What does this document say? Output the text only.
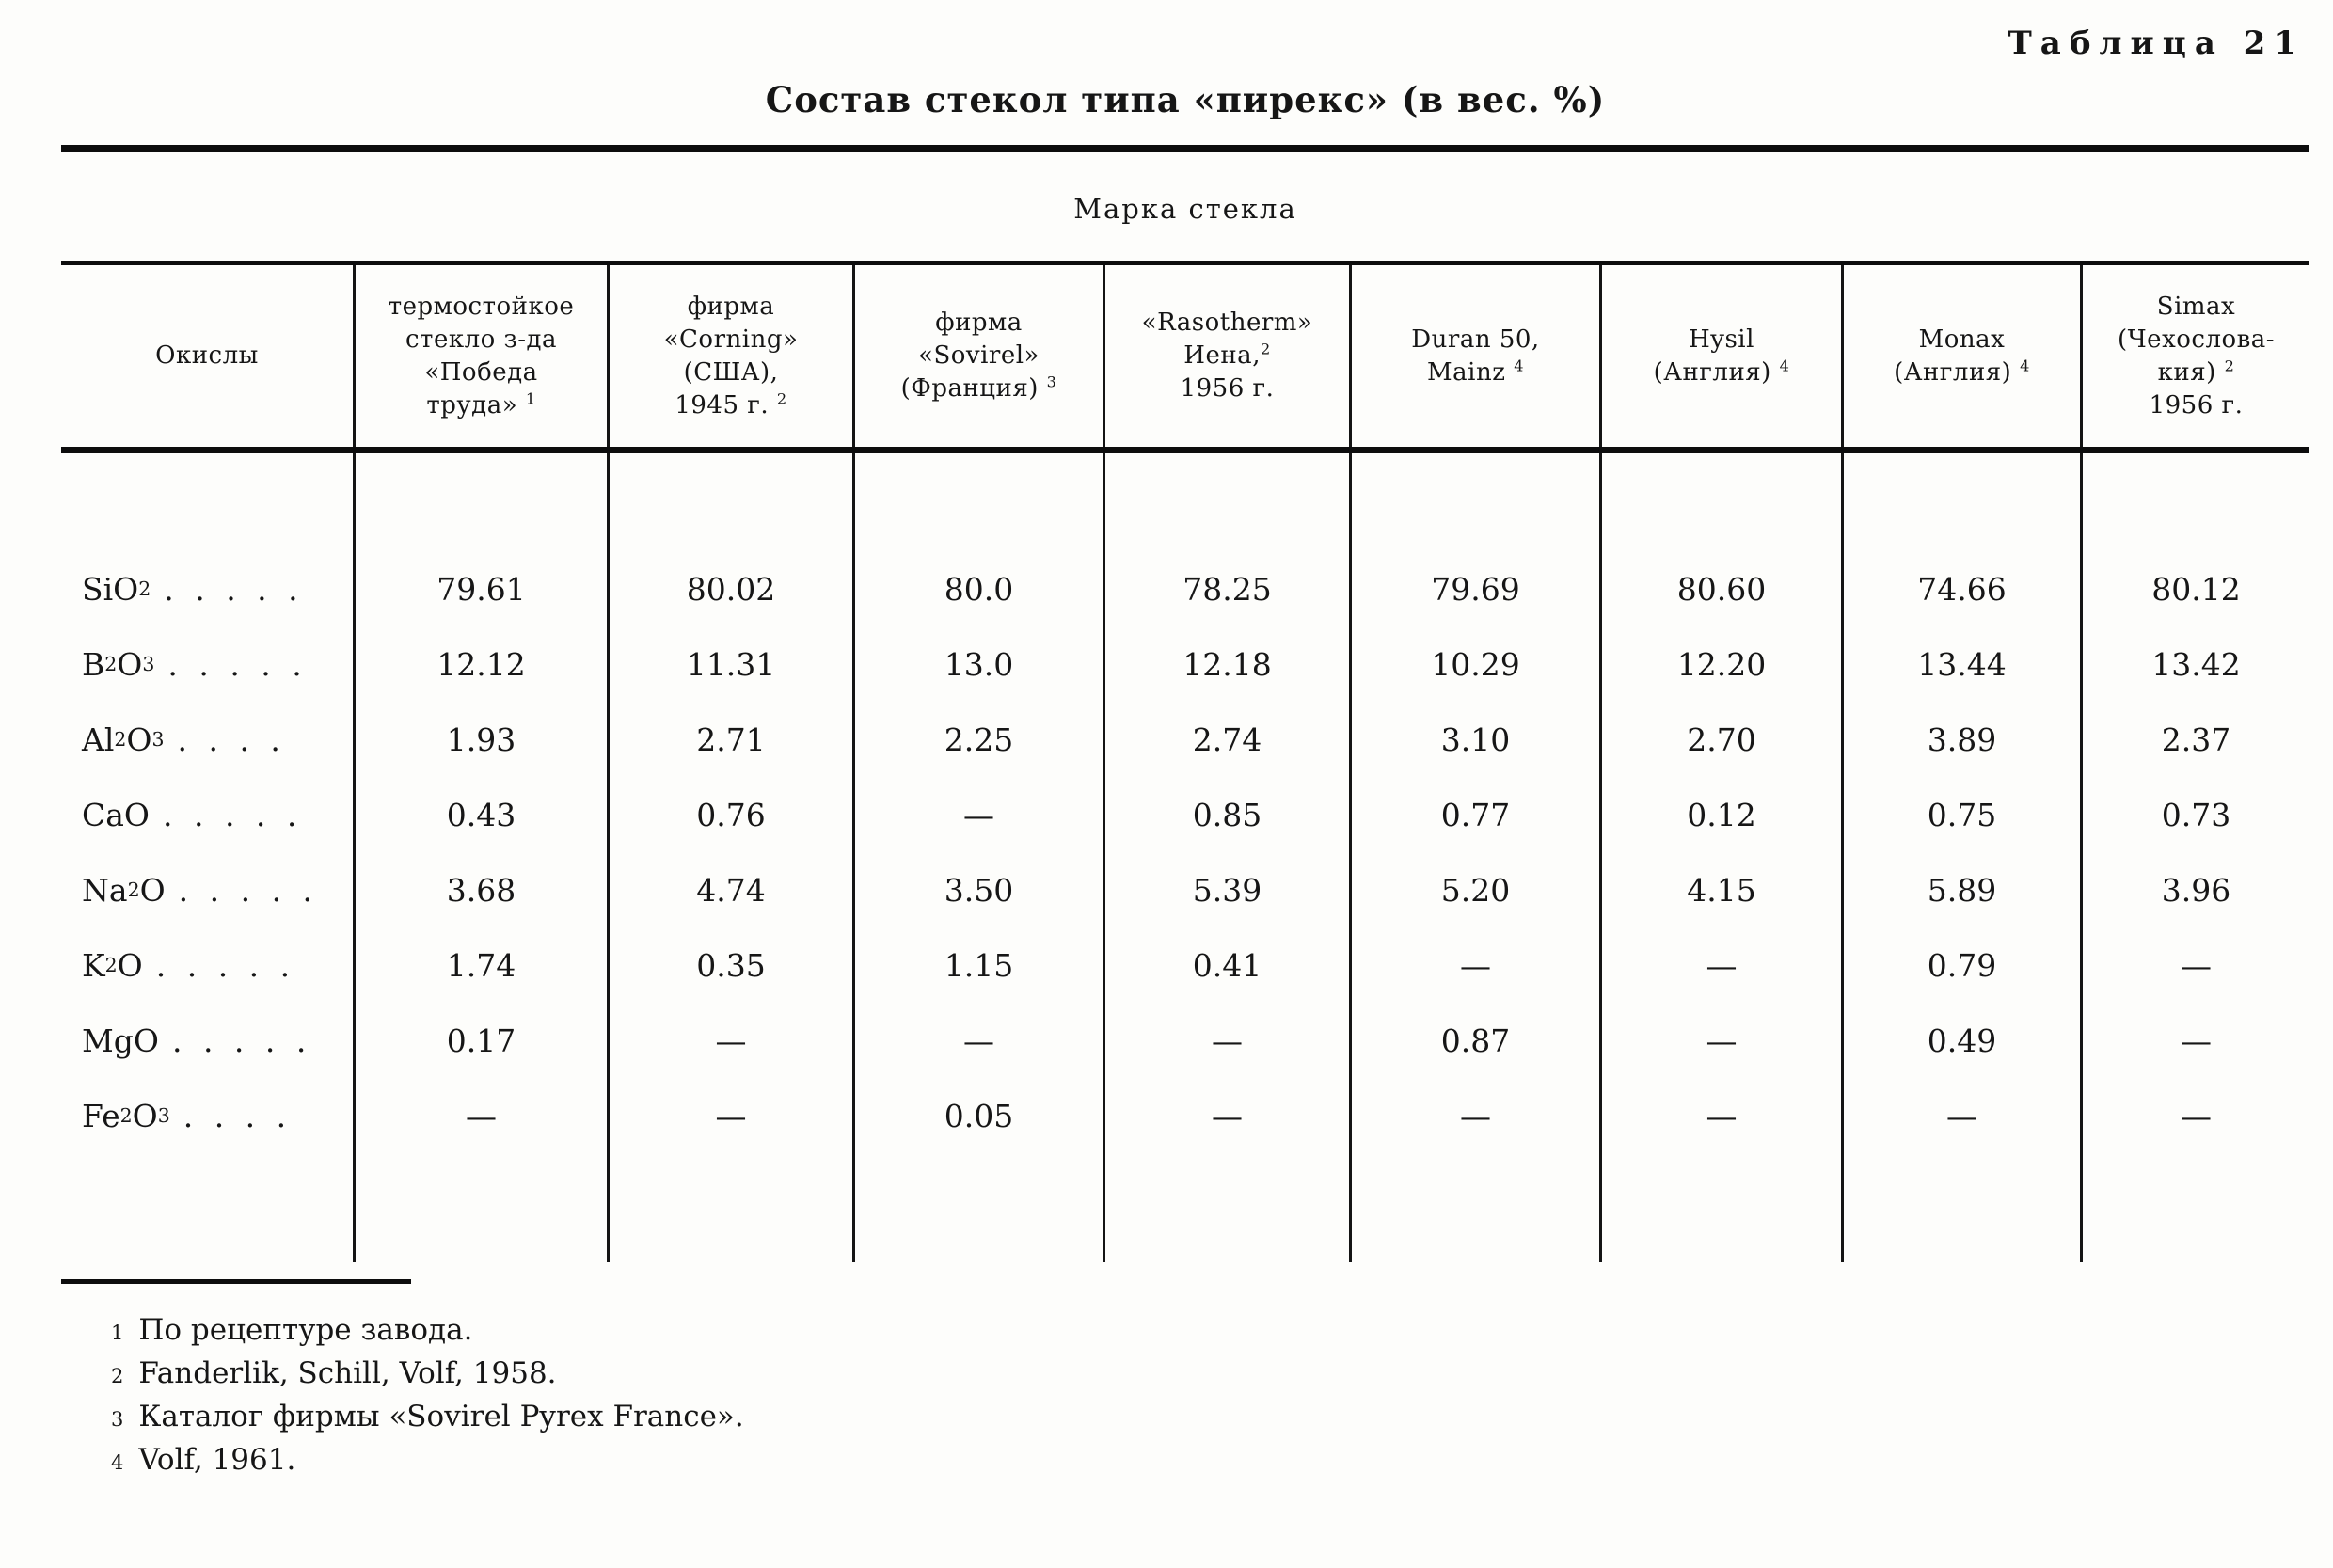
Таблица 21
Состав стекол типа «пирекс» (в вес. %)
Марка стекла
Окислы
термостойкое
стекло з-да
«Победа
труда» $^1$
фирма
«Corning»
(США),
1945 г. $^2$
фирма
«Sovirel»
(Франция) $^3$
«Rasotherm»
Иена,$^2$
1956 г.
Duran 50,
Mainz $^4$
Hysil
(Англия) $^4$
Monax
(Англия) $^4$
Simax
(Чехослова-
кия) $^2$
1956 г.
SiO 2 . . . . .
B 2 O 3 . . . . .
Al 2 O 3 . . . .
CaO . . . . .
Na 2 O . . . . .
K 2 O . . . . .
MgO . . . . .
Fe 2 O 3 . . . .
79.61
12.12
1.93
0.43
3.68
1.74
0.17
—
80.02
11.31
2.71
0.76
4.74
0.35
—
—
80.0
13.0
2.25
—
3.50
1.15
—
0.05
78.25
12.18
2.74
0.85
5.39
0.41
—
—
79.69
10.29
3.10
0.77
5.20
—
0.87
—
80.60
12.20
2.70
0.12
4.15
—
—
—
74.66
13.44
3.89
0.75
5.89
0.79
0.49
—
80.12
13.42
2.37
0.73
3.96
—
—
—
1 По рецептуре завода.
2 Fanderlik, Schill, Volf, 1958.
3 Каталог фирмы «Sovirel Pyrex France».
4 Volf, 1961.
